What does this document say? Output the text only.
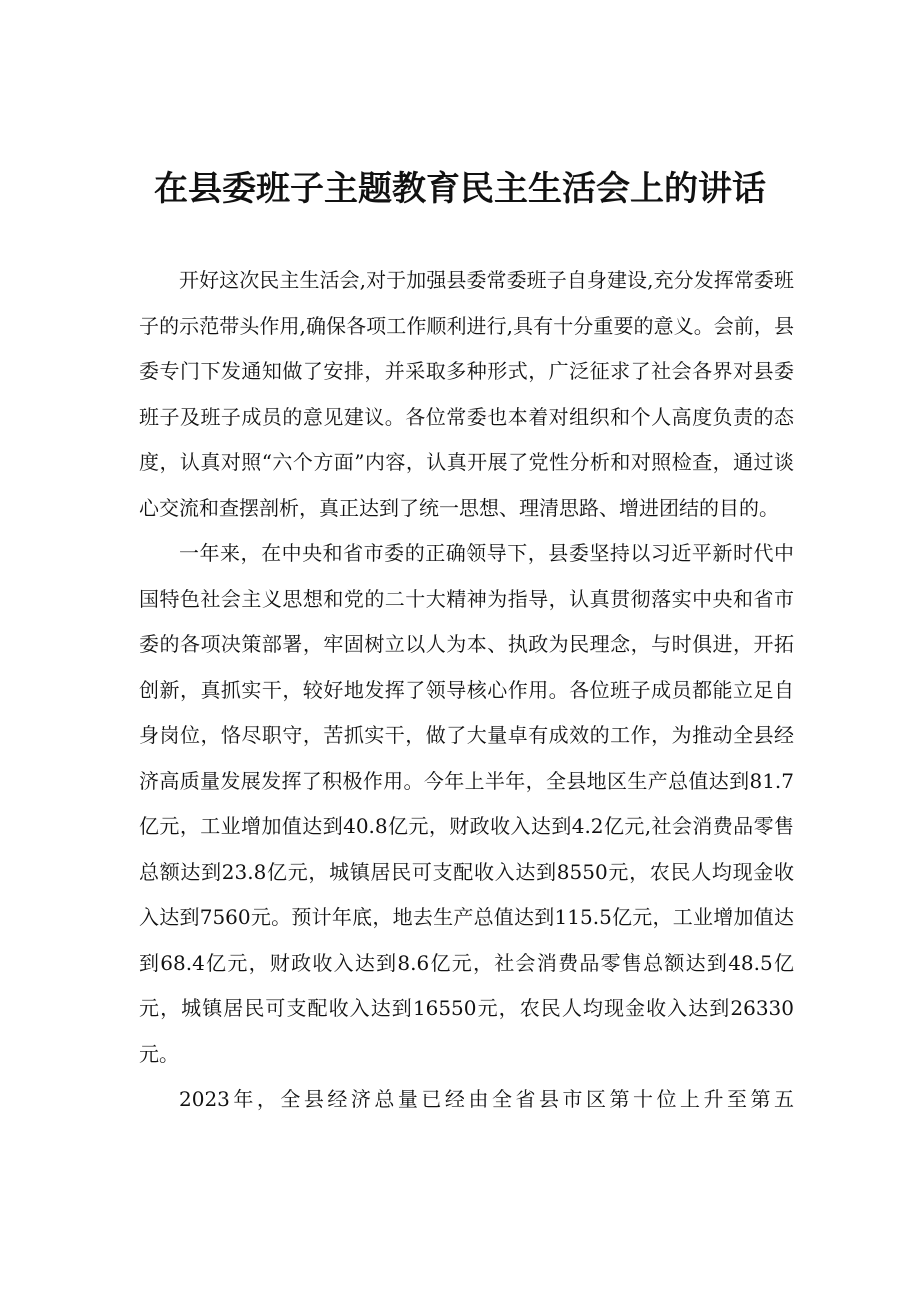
在县委班子主题教育民主生活会上的讲话

开好这次民主生活会,对于加强县委常委班子自身建设,充分发挥常委班子的示范带头作用,确保各项工作顺利进行,具有十分重要的意义。会前，县委专门下发通知做了安排，并采取多种形式，广泛征求了社会各界对县委班子及班子成员的意见建议。各位常委也本着对组织和个人高度负责的态度，认真对照“六个方面”内容，认真开展了党性分析和对照检查，通过谈心交流和查摆剖析，真正达到了统一思想、理清思路、增进团结的目的。

一年来，在中央和省市委的正确领导下，县委坚持以习近平新时代中国特色社会主义思想和党的二十大精神为指导，认真贯彻落实中央和省市委的各项决策部署，牢固树立以人为本、执政为民理念，与时俱进，开拓创新，真抓实干，较好地发挥了领导核心作用。各位班子成员都能立足自身岗位，恪尽职守，苦抓实干，做了大量卓有成效的工作，为推动全县经济高质量发展发挥了积极作用。今年上半年，全县地区生产总值达到81.7亿元，工业增加值达到40.8亿元，财政收入达到4.2亿元,社会消费品零售总额达到23.8亿元，城镇居民可支配收入达到8550元，农民人均现金收入达到7560元。预计年底，地去生产总值达到115.5亿元，工业增加值达到68.4亿元，财政收入达到8.6亿元，社会消费品零售总额达到48.5亿元，城镇居民可支配收入达到16550元，农民人均现金收入达到26330元。

2023年，全县经济总量已经由全省县市区第十位上升至第五
